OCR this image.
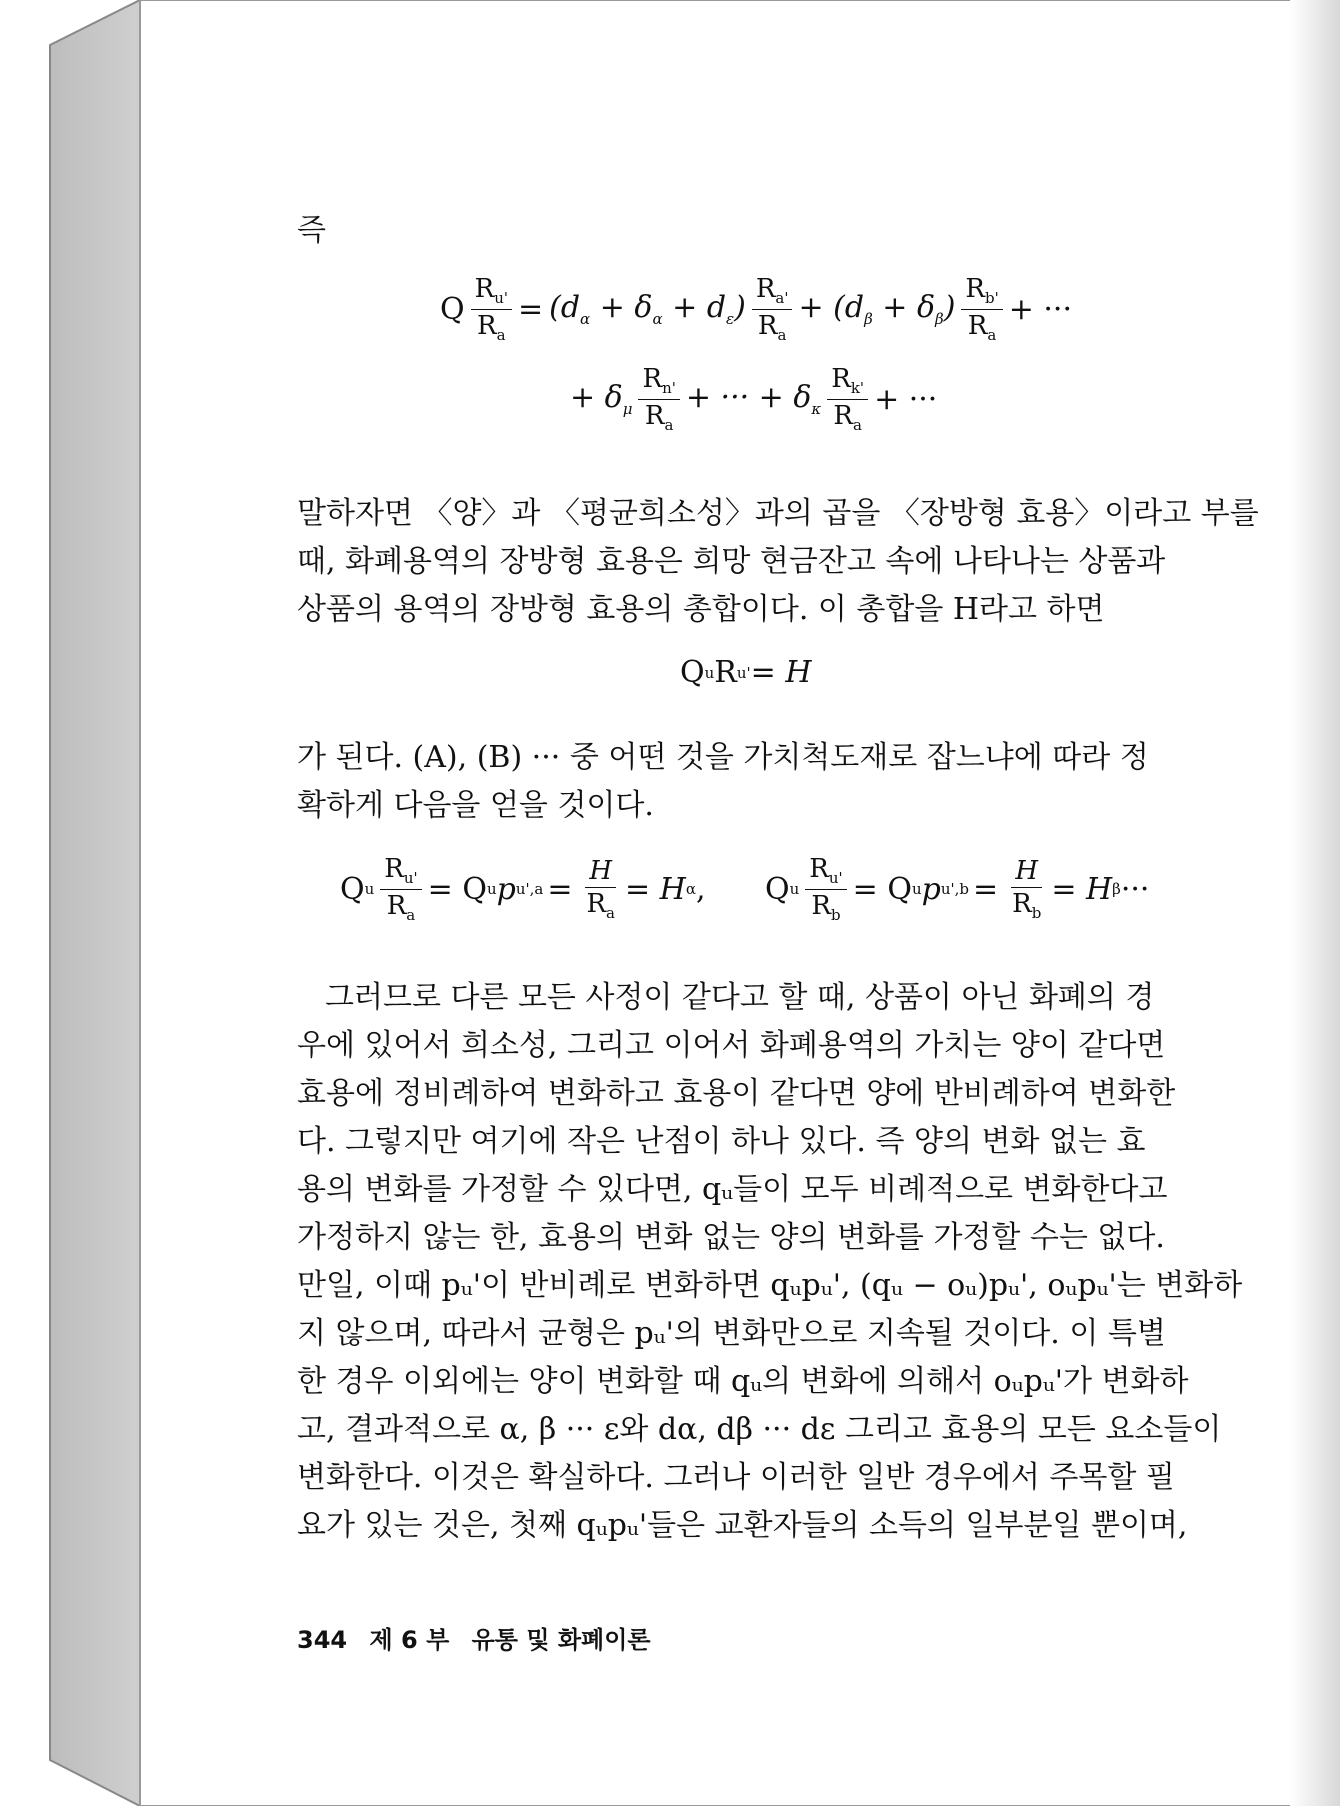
즉
Q $\frac{R_{u'}}{R_a} = (d_\alpha + \delta_\alpha + d_\varepsilon) \frac{R_{a'}}{R_a} + (d_\beta + \delta_\beta) \frac{R_{b'}}{R_a}$ + ···
+ $\delta_\mu \frac{R_{n'}}{R_a}$ + ··· + $\delta_\kappa \frac{R_{k'}}{R_a}$ + ···
말하자면 〈양〉과 〈평균희소성〉과의 곱을 〈장방형 효용〉이라고 부를
때, 화폐용역의 장방형 효용은 희망 현금잔고 속에 나타나는 상품과
상품의 용역의 장방형 효용의 총합이다. 이 총합을 H라고 하면
Q u R u' = H
가 된다. (A), (B) ··· 중 어떤 것을 가치척도재로 잡느냐에 따라 정
확하게 다음을 얻을 것이다.
Q u $\frac{R_{u'}}{R_a} = Q$ u p $u',a = \frac{H}{R_a} = H$ α , Q u $\frac{R_{u'}}{R_b} = Q$ u p $u',b = \frac{H}{R_b} = H$ β ···
그러므로 다른 모든 사정이 같다고 할 때, 상품이 아닌 화폐의 경
우에 있어서 희소성, 그리고 이어서 화폐용역의 가치는 양이 같다면
효용에 정비례하여 변화하고 효용이 같다면 양에 반비례하여 변화한
다. 그렇지만 여기에 작은 난점이 하나 있다. 즉 양의 변화 없는 효
용의 변화를 가정할 수 있다면, qᵤ들이 모두 비례적으로 변화한다고
가정하지 않는 한, 효용의 변화 없는 양의 변화를 가정할 수는 없다.
만일, 이때 pᵤ'이 반비례로 변화하면 qᵤpᵤ', (qᵤ − oᵤ)pᵤ', oᵤpᵤ'는 변화하
지 않으며, 따라서 균형은 pᵤ'의 변화만으로 지속될 것이다. 이 특별
한 경우 이외에는 양이 변화할 때 qᵤ의 변화에 의해서 oᵤpᵤ'가 변화하
고, 결과적으로 α, β ··· ε와 dα, dβ ··· dε 그리고 효용의 모든 요소들이
변화한다. 이것은 확실하다. 그러나 이러한 일반 경우에서 주목할 필
요가 있는 것은, 첫째 qᵤpᵤ'들은 교환자들의 소득의 일부분일 뿐이며,
344 제 6 부 유통 및 화폐이론
